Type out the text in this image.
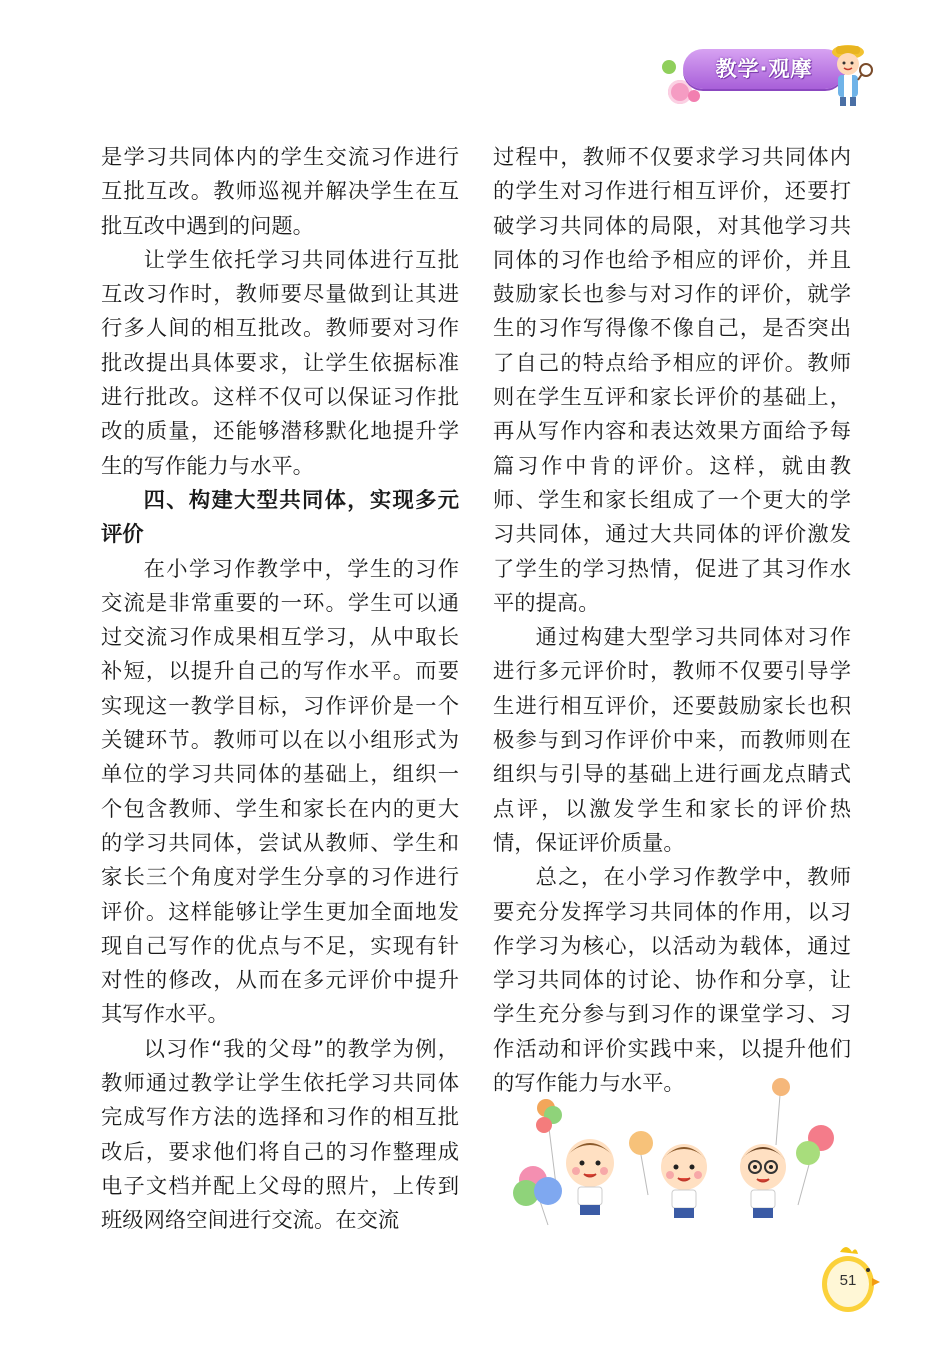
教学·观摩

是学习共同体内的学生交流习作进行互批互改。教师巡视并解决学生在互批互改中遇到的问题。

让学生依托学习共同体进行互批互改习作时，教师要尽量做到让其进行多人间的相互批改。教师要对习作批改提出具体要求，让学生依据标准进行批改。这样不仅可以保证习作批改的质量，还能够潜移默化地提升学生的写作能力与水平。

四、构建大型共同体，实现多元评价

在小学习作教学中，学生的习作交流是非常重要的一环。学生可以通过交流习作成果相互学习，从中取长补短，以提升自己的写作水平。而要实现这一教学目标，习作评价是一个关键环节。教师可以在以小组形式为单位的学习共同体的基础上，组织一个包含教师、学生和家长在内的更大的学习共同体，尝试从教师、学生和家长三个角度对学生分享的习作进行评价。这样能够让学生更加全面地发现自己写作的优点与不足，实现有针对性的修改，从而在多元评价中提升其写作水平。

以习作“我的父母”的教学为例，教师通过教学让学生依托学习共同体完成写作方法的选择和习作的相互批改后，要求他们将自己的习作整理成电子文档并配上父母的照片，上传到班级网络空间进行交流。在交流

过程中，教师不仅要求学习共同体内的学生对习作进行相互评价，还要打破学习共同体的局限，对其他学习共同体的习作也给予相应的评价，并且鼓励家长也参与对习作的评价，就学生的习作写得像不像自己，是否突出了自己的特点给予相应的评价。教师则在学生互评和家长评价的基础上，再从写作内容和表达效果方面给予每篇习作中肯的评价。这样，就由教师、学生和家长组成了一个更大的学习共同体，通过大共同体的评价激发了学生的学习热情，促进了其习作水平的提高。

通过构建大型学习共同体对习作进行多元评价时，教师不仅要引导学生进行相互评价，还要鼓励家长也积极参与到习作评价中来，而教师则在组织与引导的基础上进行画龙点睛式点评，以激发学生和家长的评价热情，保证评价质量。

总之，在小学习作教学中，教师要充分发挥学习共同体的作用，以习作学习为核心，以活动为载体，通过学习共同体的讨论、协作和分享，让学生充分参与到习作的课堂学习、习作活动和评价实践中来，以提升他们的写作能力与水平。

51
